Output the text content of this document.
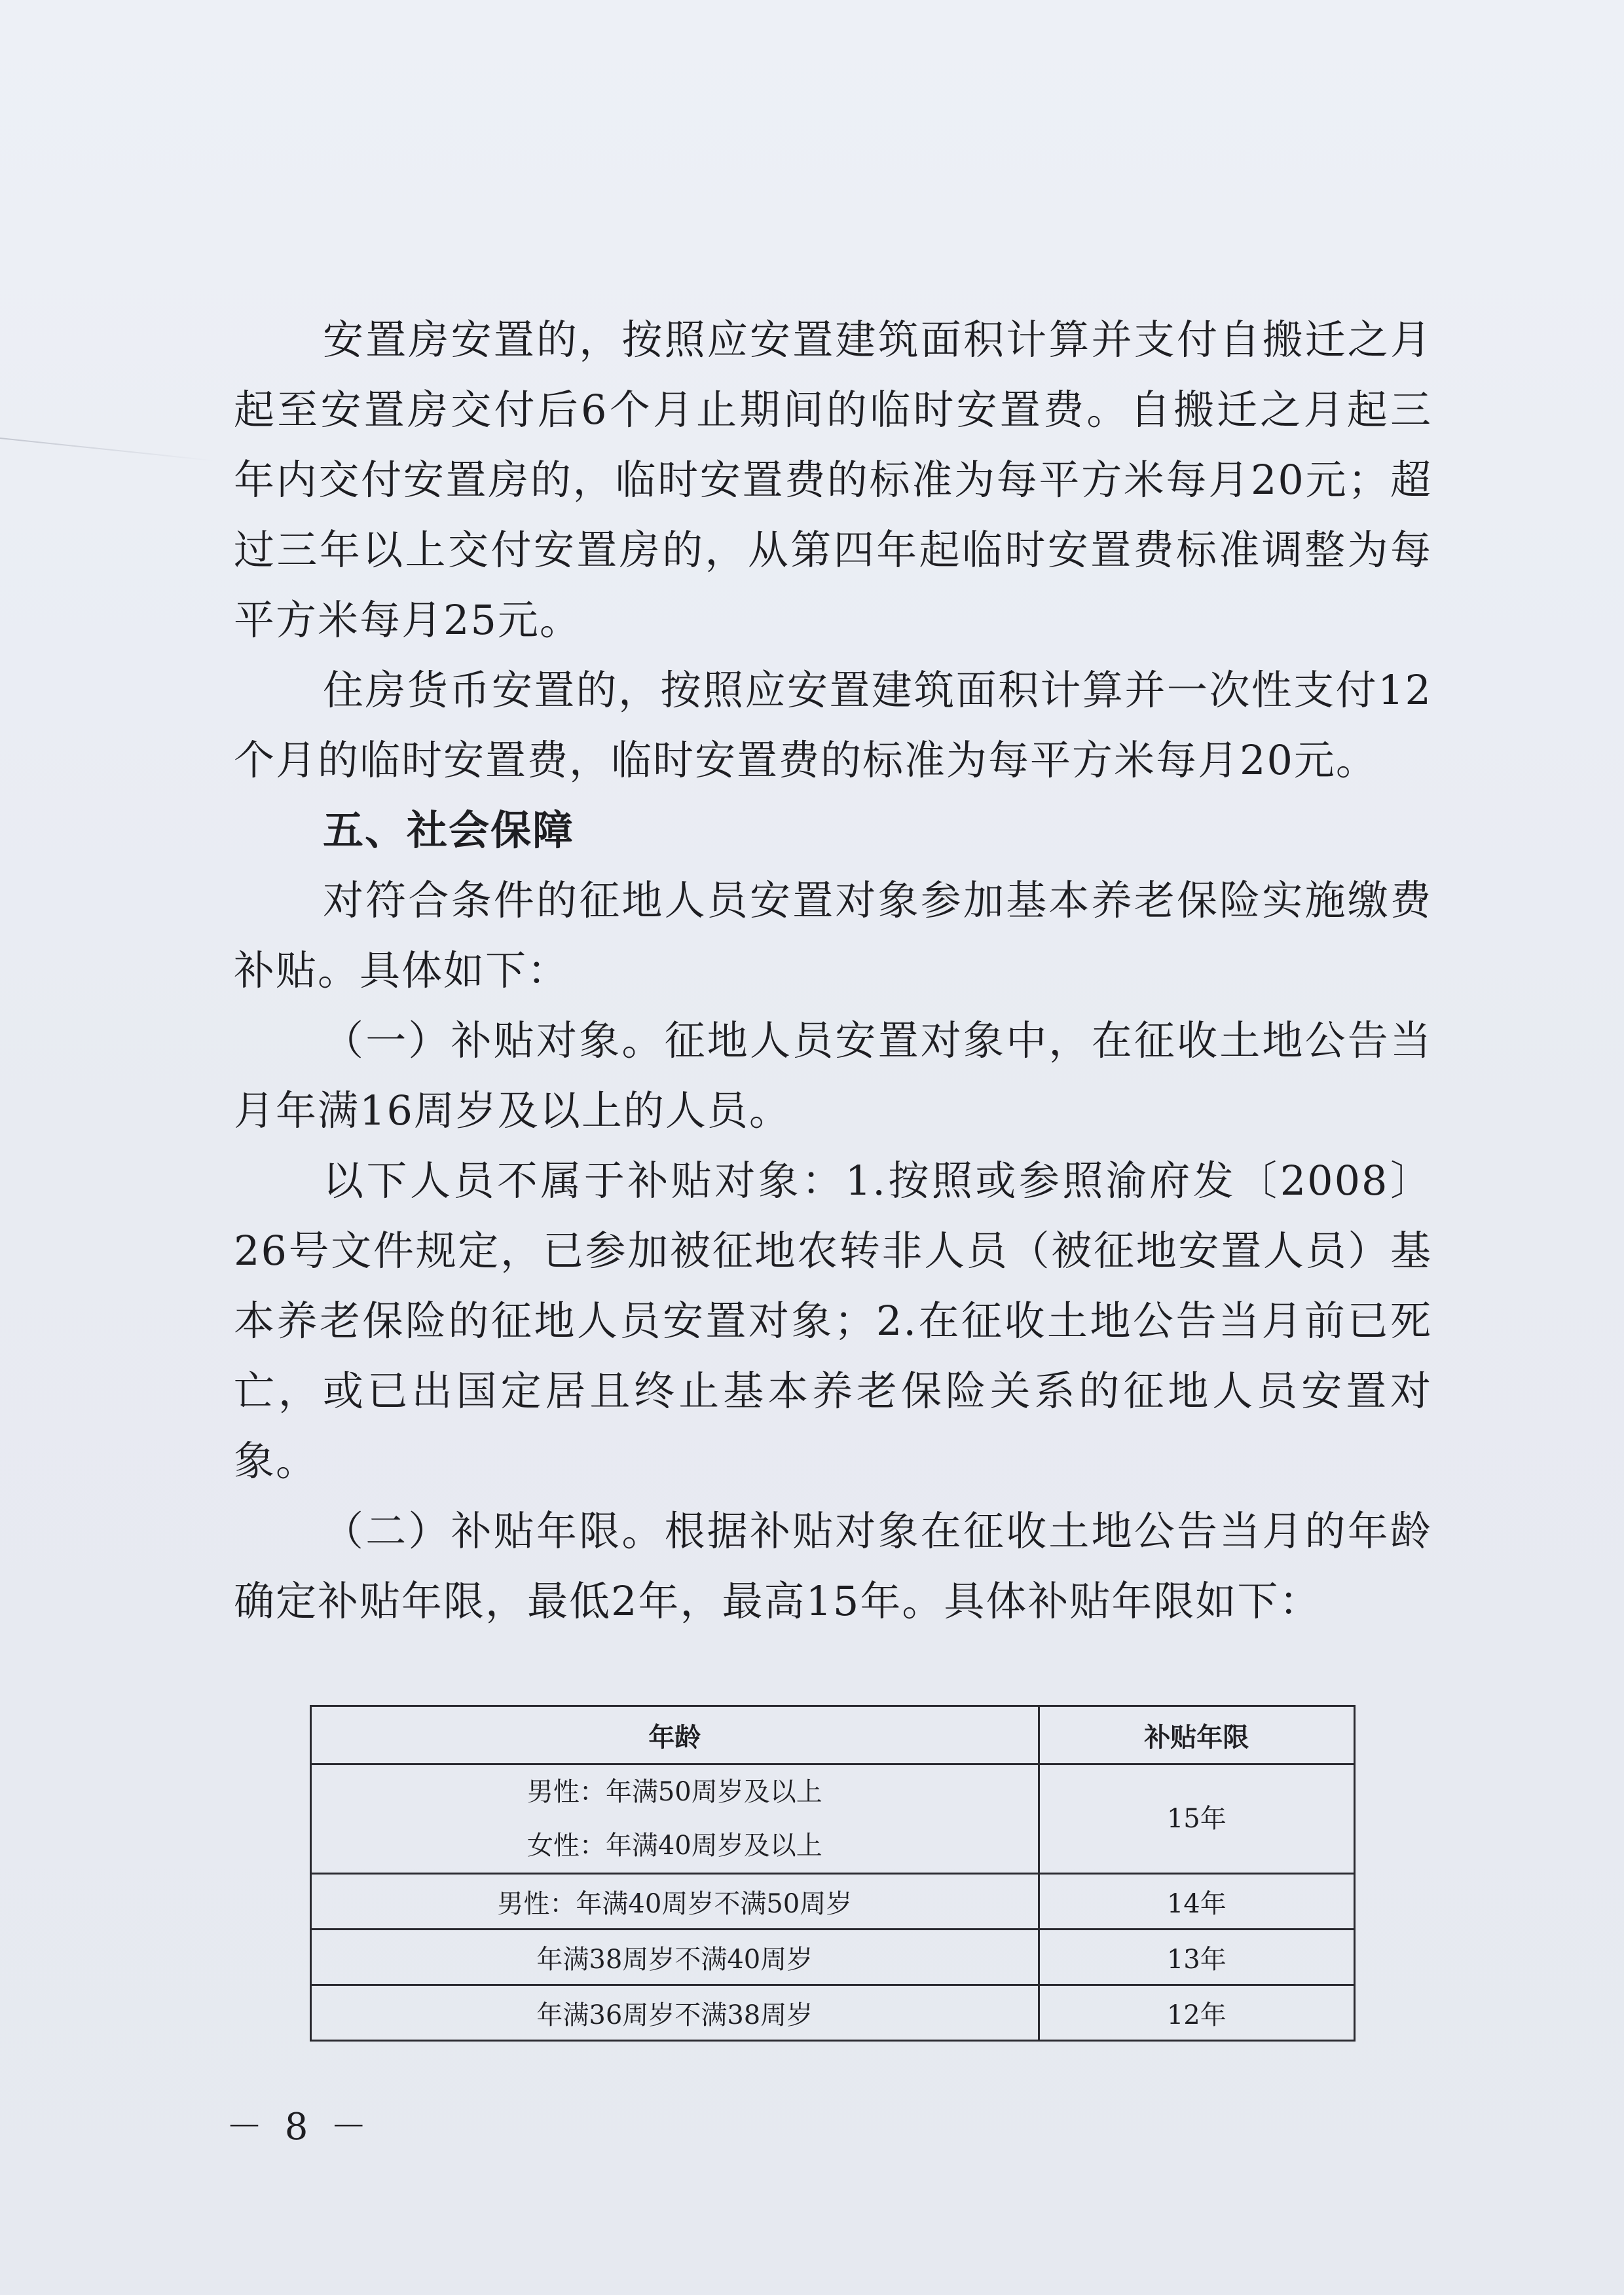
安置房安置的，按照应安置建筑面积计算并支付自搬迁之月起至安置房交付后6个月止期间的临时安置费。自搬迁之月起三年内交付安置房的，临时安置费的标准为每平方米每月20元；超过三年以上交付安置房的，从第四年起临时安置费标准调整为每平方米每月25元。

住房货币安置的，按照应安置建筑面积计算并一次性支付12个月的临时安置费，临时安置费的标准为每平方米每月20元。

五、社会保障

对符合条件的征地人员安置对象参加基本养老保险实施缴费补贴。具体如下：

（一）补贴对象。征地人员安置对象中，在征收土地公告当月年满16周岁及以上的人员。

以下人员不属于补贴对象：1.按照或参照渝府发〔2008〕26号文件规定，已参加被征地农转非人员（被征地安置人员）基本养老保险的征地人员安置对象；2.在征收土地公告当月前已死亡，或已出国定居且终止基本养老保险关系的征地人员安置对象。

（二）补贴年限。根据补贴对象在征收土地公告当月的年龄确定补贴年限，最低2年，最高15年。具体补贴年限如下：

年龄	补贴年限

男性：年满50周岁及以上
女性：年满40周岁及以上	15年
男性：年满40周岁不满50周岁	14年
年满38周岁不满40周岁	13年
年满36周岁不满38周岁	12年
－ 8 －
